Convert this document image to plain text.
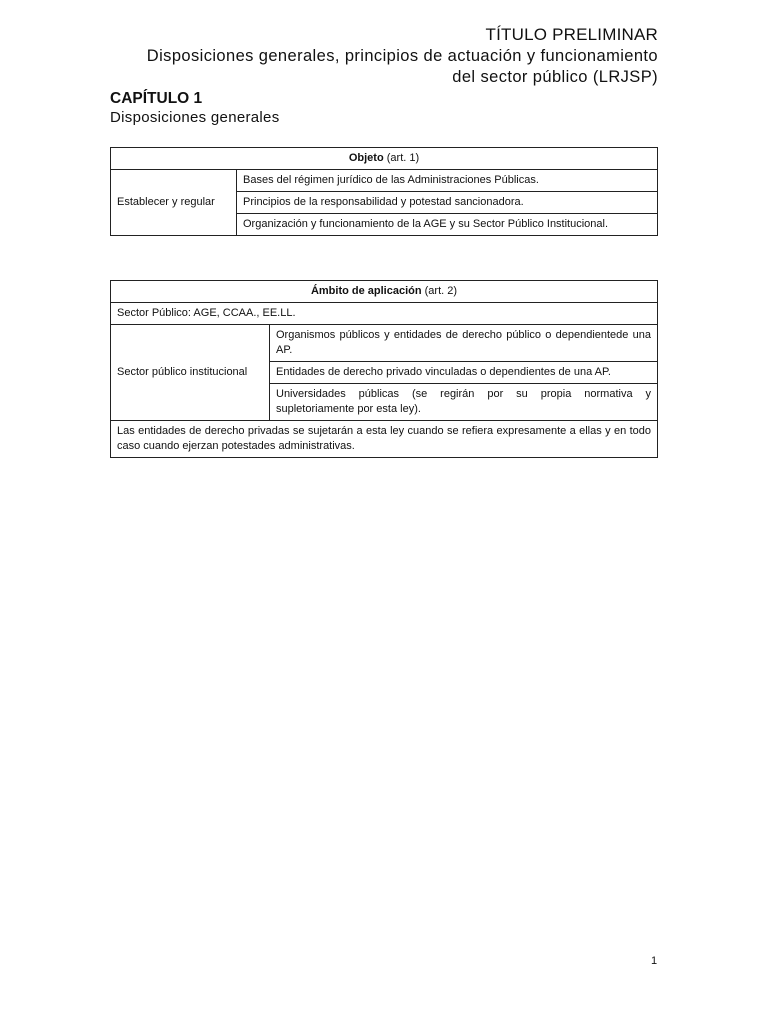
TÍTULO PRELIMINAR
Disposiciones generales, principios de actuación y funcionamiento
del sector público (LRJSP)
CAPÍTULO 1
Disposiciones generales
Objeto (art. 1)
Establecer y regular	Bases del régimen jurídico de las Administraciones Públicas.
Principios de la responsabilidad y potestad sancionadora.
Organización y funcionamiento de la AGE y su Sector Público Institucional.
Ámbito de aplicación (art. 2)
Sector Público: AGE, CCAA., EE.LL.
Sector público institucional	Organismos públicos y entidades de derecho público o dependientede una AP.
Entidades de derecho privado vinculadas o dependientes de una AP.
Universidades públicas (se regirán por su propia normativa y supletoriamente por esta ley).
Las entidades de derecho privadas se sujetarán a esta ley cuando se refiera expresamente a ellas y en todo caso cuando ejerzan potestades administrativas.
1
